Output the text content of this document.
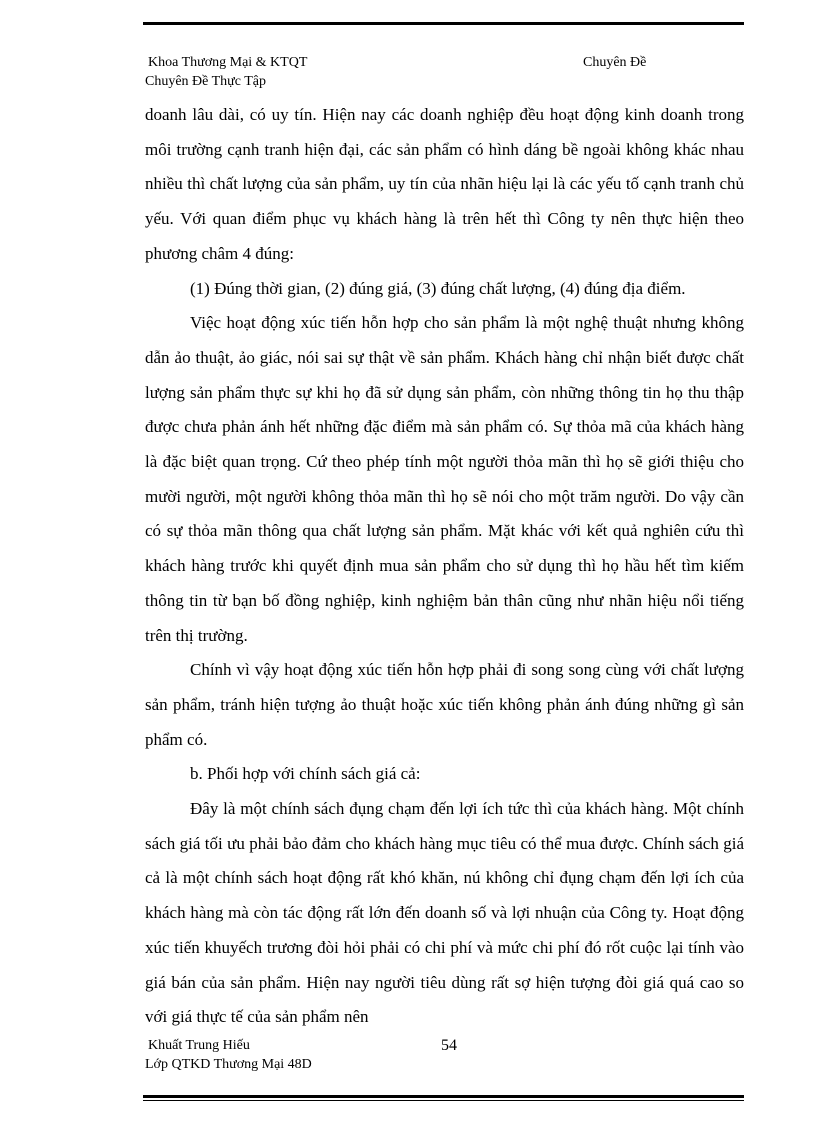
Khoa Thương Mại & KTQT	Chuyên Đề
Chuyên Đề Thực Tập

doanh lâu dài, có uy tín. Hiện nay các doanh nghiệp đều hoạt động kinh doanh trong môi trường cạnh tranh hiện đại, các sản phẩm có hình dáng bề ngoài không khác nhau nhiều thì chất lượng của sản phẩm, uy tín của nhãn hiệu lại là các yếu tố cạnh tranh chủ yếu. Với quan điểm phục vụ khách hàng là trên hết thì Công ty nên thực hiện theo phương châm 4 đúng:

(1) Đúng thời gian, (2) đúng giá, (3) đúng chất lượng, (4) đúng địa điểm.

Việc hoạt động xúc tiến hỗn hợp cho sản phẩm là một nghệ thuật nhưng không dẫn ảo thuật, ảo giác, nói sai sự thật về sản phẩm. Khách hàng chỉ nhận biết được chất lượng sản phẩm thực sự khi họ đã sử dụng sản phẩm, còn những thông tin họ thu thập được chưa phản ánh hết những đặc điểm mà sản phẩm có. Sự thỏa mã của khách hàng là đặc biệt quan trọng. Cứ theo phép tính một người thỏa mãn thì họ sẽ giới thiệu cho mười người, một người không thỏa mãn thì họ sẽ nói cho một trăm người. Do vậy cần có sự thỏa mãn thông qua chất lượng sản phẩm. Mặt khác với kết quả nghiên cứu thì khách hàng trước khi quyết định mua sản phẩm cho sử dụng thì họ hầu hết tìm kiếm thông tin từ bạn bố đồng nghiệp, kinh nghiệm bản thân cũng như nhãn hiệu nổi tiếng trên thị trường.

Chính vì vậy hoạt động xúc tiến hỗn hợp phải đi song song cùng với chất lượng sản phẩm, tránh hiện tượng ảo thuật hoặc xúc tiến không phản ánh đúng những gì sản phẩm có.

b. Phối hợp với chính sách giá cả:

Đây là một chính sách đụng chạm đến lợi ích tức thì của khách hàng. Một chính sách giá tối ưu phải bảo đảm cho khách hàng mục tiêu có thể mua được. Chính sách giá cả là một chính sách hoạt động rất khó khăn, nú không chỉ đụng chạm đến lợi ích của khách hàng mà còn tác động rất lớn đến doanh số và lợi nhuận của Công ty. Hoạt động xúc tiến khuyếch trương đòi hỏi phải có chi phí và mức chi phí đó rốt cuộc lại tính vào giá bán của sản phẩm. Hiện nay người tiêu dùng rất sợ hiện tượng đòi giá quá cao so với giá thực tế của sản phẩm nên

Khuất Trung Hiếu	54
Lớp QTKD Thương Mại 48D
